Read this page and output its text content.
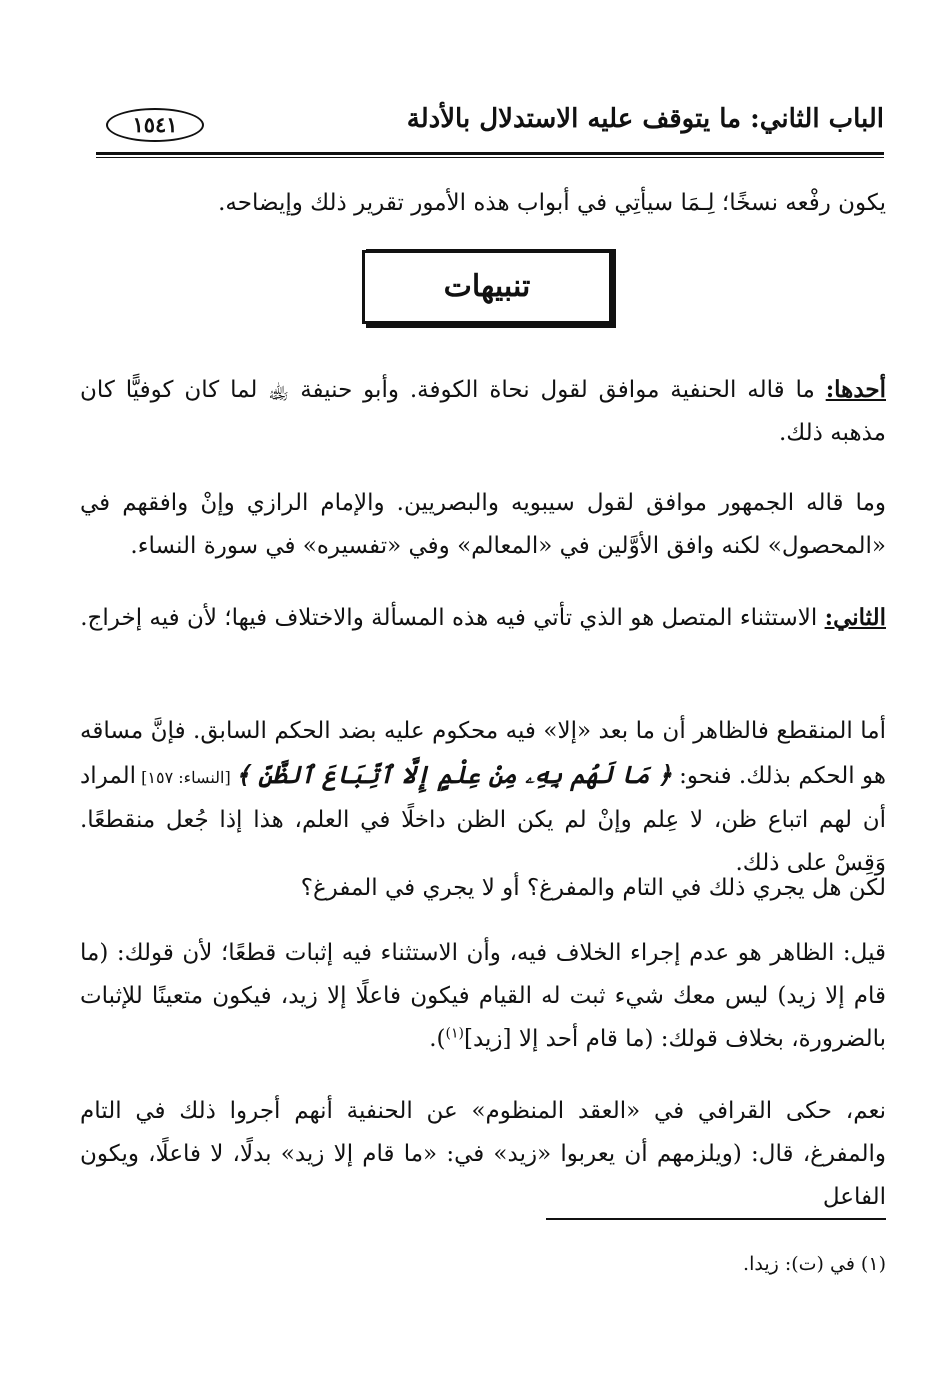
الباب الثاني: ما يتوقف عليه الاستدلال بالأدلة
١٥٤١

يكون رفْعه نسخًا؛ لِـمَا سيأتِي في أبواب هذه الأمور تقرير ذلك وإيضاحه.

تنبيهات

أحدها: ما قاله الحنفية موافق لقول نحاة الكوفة. وأبو حنيفة ﵀ لما كان كوفيًّا كان مذهبه ذلك.

وما قاله الجمهور موافق لقول سيبويه والبصريين. والإمام الرازي وإنْ وافقهم في «المحصول» لكنه وافق الأوَّلين في «المعالم» وفي «تفسيره» في سورة النساء.

الثاني: الاستثناء المتصل هو الذي تأتي فيه هذه المسألة والاختلاف فيها؛ لأن فيه إخراج.

أما المنقطع فالظاهر أن ما بعد «إلا» فيه محكوم عليه بضد الحكم السابق. فإنَّ مساقه هو الحكم بذلك. فنحو: ﴿ مَا لَهُم بِهِۦ مِنْ عِلْمٍ إِلَّا ٱتِّبَاعَ ٱلظَّنِّ ﴾ [النساء: ١٥٧] المراد أن لهم اتباع ظن، لا عِلم وإنْ لم يكن الظن داخلًا في العلم، هذا إذا جُعل منقطعًا. وَقِسْ على ذلك.

لكن هل يجري ذلك في التام والمفرغ؟ أو لا يجري في المفرغ؟

قيل: الظاهر هو عدم إجراء الخلاف فيه، وأن الاستثناء فيه إثبات قطعًا؛ لأن قولك: (ما قام إلا زيد) ليس معك شيء ثبت له القيام فيكون فاعلًا إلا زيد، فيكون متعينًا للإثبات بالضرورة، بخلاف قولك: (ما قام أحد إلا [زيد]$^{(١)}$).

نعم، حكى القرافي في «العقد المنظوم» عن الحنفية أنهم أجروا ذلك في التام والمفرغ، قال: (ويلزمهم أن يعربوا «زيد» في: «ما قام إلا زيد» بدلًا، لا فاعلًا، ويكون الفاعل

(١) في (ت): زيدا.
